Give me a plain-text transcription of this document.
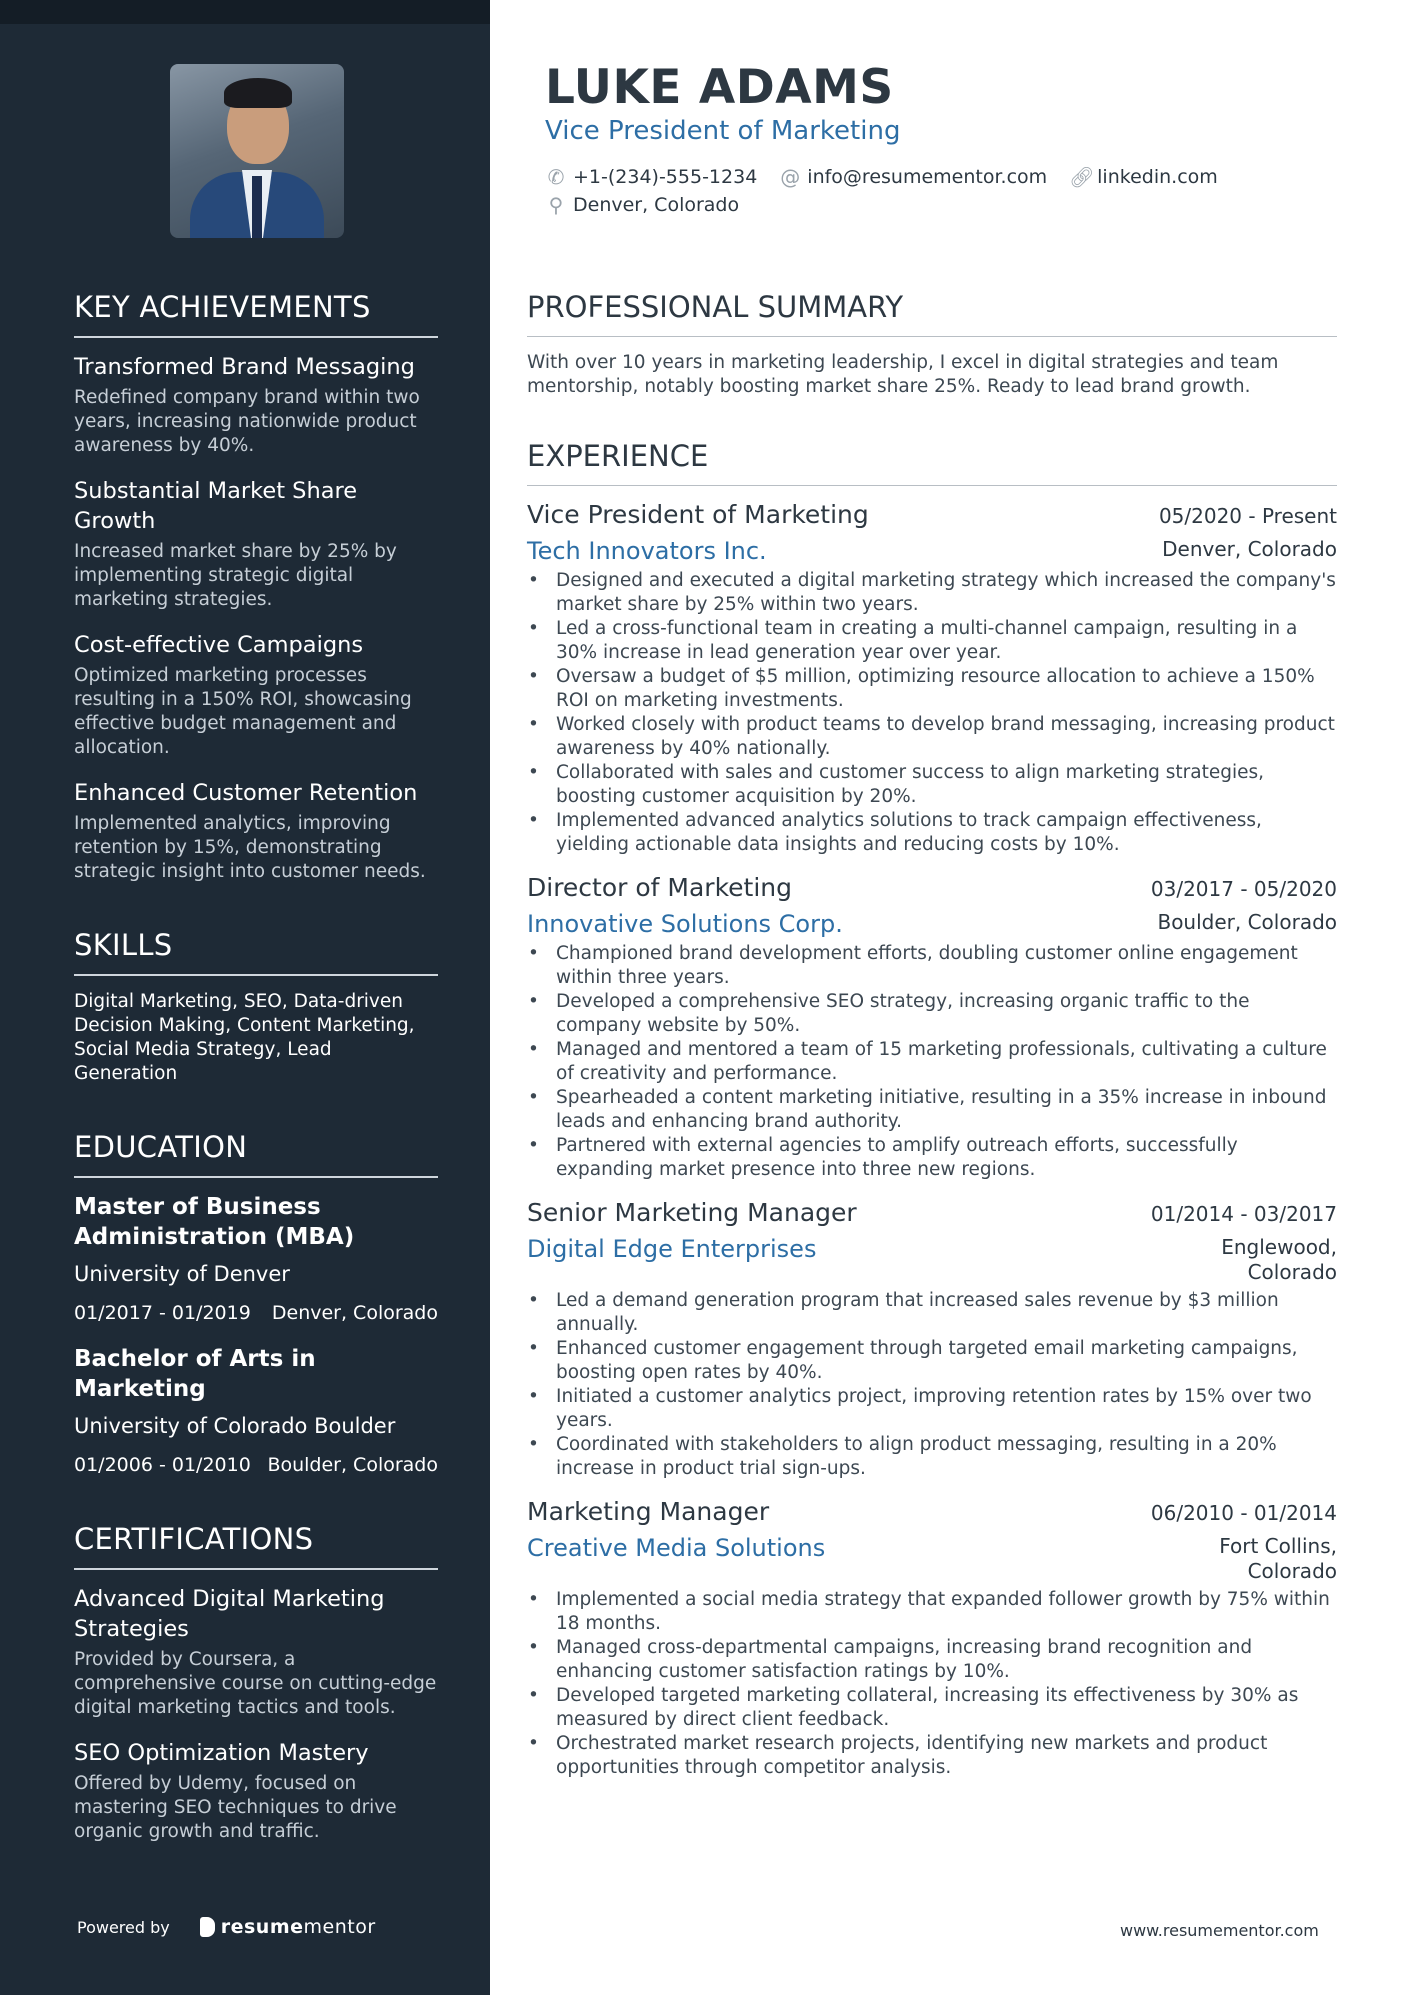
KEY ACHIEVEMENTS
Transformed Brand Messaging
Redefined company brand within two years, increasing nationwide product awareness by 40%.
Substantial Market Share Growth
Increased market share by 25% by implementing strategic digital marketing strategies.
Cost-effective Campaigns
Optimized marketing processes resulting in a 150% ROI, showcasing effective budget management and allocation.
Enhanced Customer Retention
Implemented analytics, improving retention by 15%, demonstrating strategic insight into customer needs.
SKILLS
Digital Marketing, SEO, Data-driven Decision Making, Content Marketing, Social Media Strategy, Lead Generation
EDUCATION
Master of Business Administration (MBA)
University of Denver
01/2017 - 01/2019 Denver, Colorado
Bachelor of Arts in Marketing
University of Colorado Boulder
01/2006 - 01/2010 Boulder, Colorado
CERTIFICATIONS
Advanced Digital Marketing Strategies
Provided by Coursera, a comprehensive course on cutting-edge digital marketing tactics and tools.
SEO Optimization Mastery
Offered by Udemy, focused on mastering SEO techniques to drive organic growth and traffic.
Powered by	resume mentor
LUKE ADAMS
Vice President of Marketing
✆ +1-(234)-555-1234 @ info@resumementor.com 🔗︎ linkedin.com
⚲ Denver, Colorado
PROFESSIONAL SUMMARY
With over 10 years in marketing leadership, I excel in digital strategies and team mentorship, notably boosting market share 25%. Ready to lead brand growth.
EXPERIENCE
Vice President of Marketing	05/2020 - Present
Tech Innovators Inc.	Denver, Colorado
• Designed and executed a digital marketing strategy which increased the company's market share by 25% within two years.
• Led a cross-functional team in creating a multi-channel campaign, resulting in a 30% increase in lead generation year over year.
• Oversaw a budget of $5 million, optimizing resource allocation to achieve a 150% ROI on marketing investments.
• Worked closely with product teams to develop brand messaging, increasing product awareness by 40% nationally.
• Collaborated with sales and customer success to align marketing strategies, boosting customer acquisition by 20%.
• Implemented advanced analytics solutions to track campaign effectiveness, yielding actionable data insights and reducing costs by 10%.
Director of Marketing	03/2017 - 05/2020
Innovative Solutions Corp.	Boulder, Colorado
• Championed brand development efforts, doubling customer online engagement within three years.
• Developed a comprehensive SEO strategy, increasing organic traffic to the company website by 50%.
• Managed and mentored a team of 15 marketing professionals, cultivating a culture of creativity and performance.
• Spearheaded a content marketing initiative, resulting in a 35% increase in inbound leads and enhancing brand authority.
• Partnered with external agencies to amplify outreach efforts, successfully expanding market presence into three new regions.
Senior Marketing Manager	01/2014 - 03/2017
Digital Edge Enterprises	Englewood, Colorado
• Led a demand generation program that increased sales revenue by $3 million annually.
• Enhanced customer engagement through targeted email marketing campaigns, boosting open rates by 40%.
• Initiated a customer analytics project, improving retention rates by 15% over two years.
• Coordinated with stakeholders to align product messaging, resulting in a 20% increase in product trial sign-ups.
Marketing Manager	06/2010 - 01/2014
Creative Media Solutions	Fort Collins, Colorado
• Implemented a social media strategy that expanded follower growth by 75% within 18 months.
• Managed cross-departmental campaigns, increasing brand recognition and enhancing customer satisfaction ratings by 10%.
• Developed targeted marketing collateral, increasing its effectiveness by 30% as measured by direct client feedback.
• Orchestrated market research projects, identifying new markets and product opportunities through competitor analysis.
www.resumementor.com
